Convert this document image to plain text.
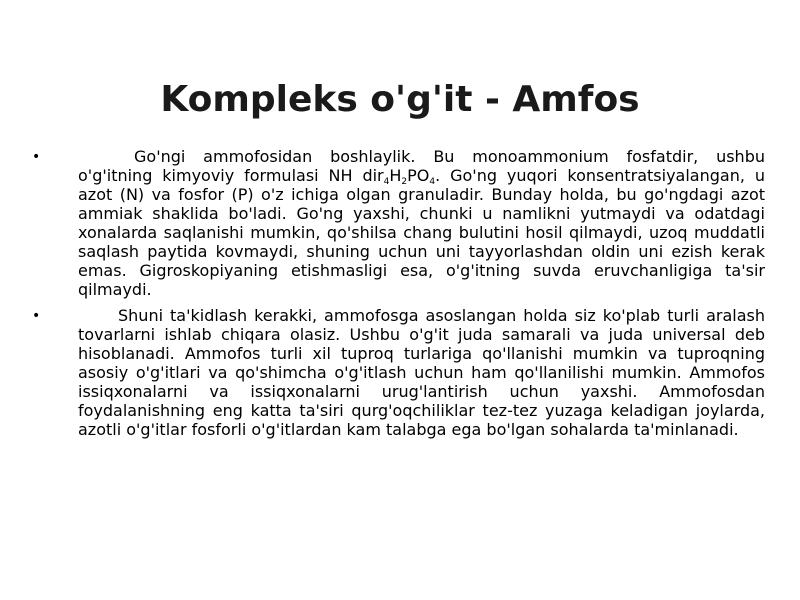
Kompleks o'g'it - Amfos
•	Go'ngi ammofosidan boshlaylik. Bu monoammonium fosfatdir, ushbu o'g'itning kimyoviy formulasi NH $dir_4H_2PO_4$. Go'ng yuqori konsentratsiyalangan, u azot (N) va fosfor (P) o'z ichiga olgan granuladir. Bunday holda, bu go'ngdagi azot ammiak shaklida bo'ladi. Go'ng yaxshi, chunki u namlikni yutmaydi va odatdagi xonalarda saqlanishi mumkin, qo'shilsa chang bulutini hosil qilmaydi, uzoq muddatli saqlash paytida kovmaydi, shuning uchun uni tayyorlashdan oldin uni ezish kerak emas. Gigroskopiyaning etishmasligi esa, o'g'itning suvda eruvchanligiga ta'sir qilmaydi.
•	Shuni ta'kidlash kerakki, ammofosga asoslangan holda siz ko'plab turli aralash tovarlarni ishlab chiqara olasiz. Ushbu o'g'it juda samarali va juda universal deb hisoblanadi. Ammofos turli xil tuproq turlariga qo'llanishi mumkin va tuproqning asosiy o'g'itlari va qo'shimcha o'g'itlash uchun ham qo'llanilishi mumkin. Ammofos issiqxonalarni va issiqxonalarni urug'lantirish uchun yaxshi. Ammofosdan foydalanishning eng katta ta'siri qurg'oqchiliklar tez-tez yuzaga keladigan joylarda, azotli o'g'itlar fosforli o'g'itlardan kam talabga ega bo'lgan sohalarda ta'minlanadi.
